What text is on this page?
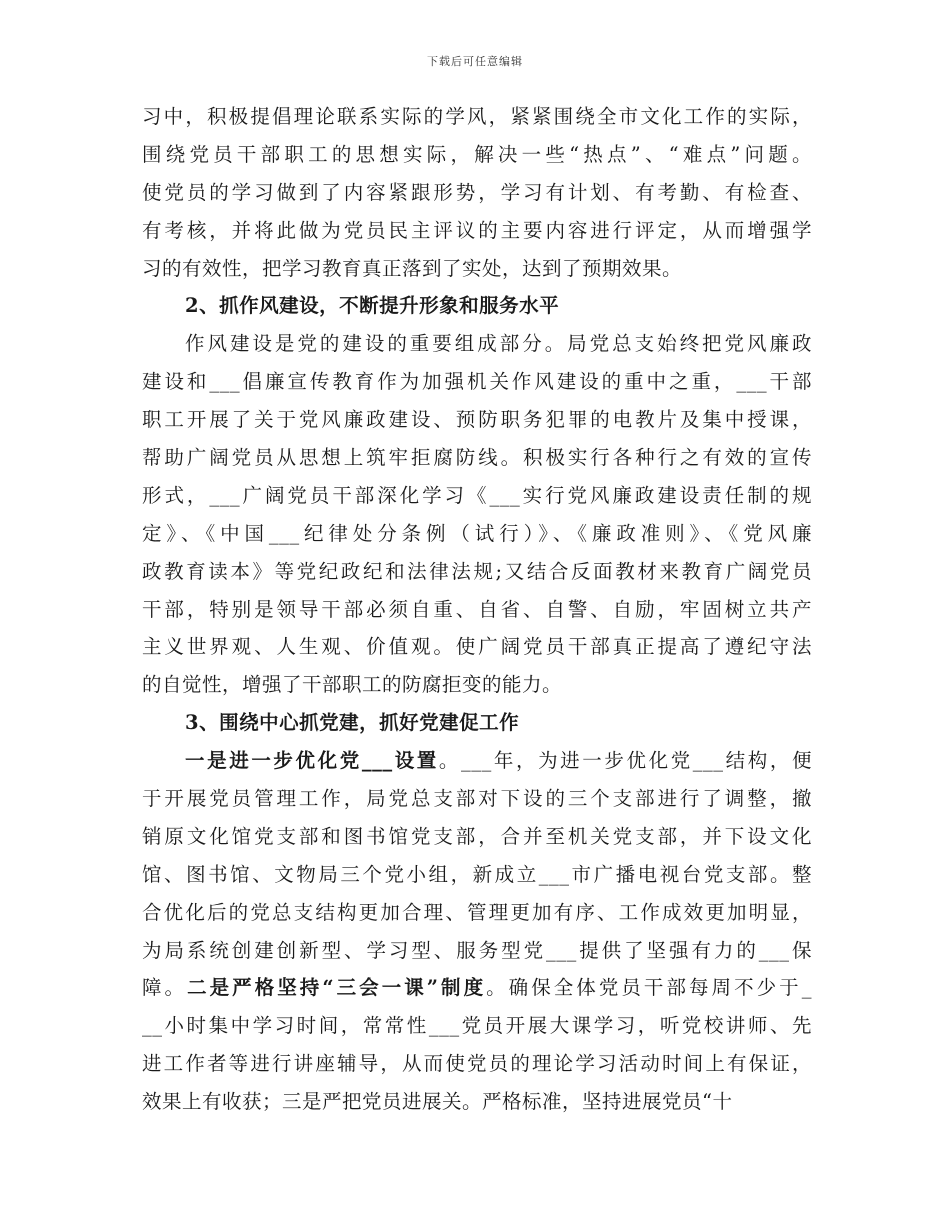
下载后可任意编辑
习中，积极提倡理论联系实际的学风，紧紧围绕全市文化工作的实际，
围绕党员干部职工的思想实际，解决一些“热点”、“难点”问题。
使党员的学习做到了内容紧跟形势，学习有计划、有考勤、有检查、
有考核，并将此做为党员民主评议的主要内容进行评定，从而增强学
习的有效性，把学习教育真正落到了实处，达到了预期效果。
2、抓作风建设，不断提升形象和服务水平
作风建设是党的建设的重要组成部分。局党总支始终把党风廉政
建设和___倡廉宣传教育作为加强机关作风建设的重中之重，___干部
职工开展了关于党风廉政建设、预防职务犯罪的电教片及集中授课，
帮助广阔党员从思想上筑牢拒腐防线。积极实行各种行之有效的宣传
形式，___广阔党员干部深化学习《___实行党风廉政建设责任制的规
定》、《中国___纪律处分条例（试行）》、《廉政准则》、《党风廉
政教育读本》等党纪政纪和法律法规;又结合反面教材来教育广阔党员
干部，特别是领导干部必须自重、自省、自警、自励，牢固树立共产
主义世界观、人生观、价值观。使广阔党员干部真正提高了遵纪守法
的自觉性，增强了干部职工的防腐拒变的能力。
3、围绕中心抓党建，抓好党建促工作
一是进一步优化党___设置。___年，为进一步优化党___结构，便
于开展党员管理工作，局党总支部对下设的三个支部进行了调整，撤
销原文化馆党支部和图书馆党支部，合并至机关党支部，并下设文化
馆、图书馆、文物局三个党小组，新成立___市广播电视台党支部。整
合优化后的党总支结构更加合理、管理更加有序、工作成效更加明显，
为局系统创建创新型、学习型、服务型党___提供了坚强有力的___保
障。二是严格坚持“三会一课”制度。确保全体党员干部每周不少于_
__小时集中学习时间，常常性___党员开展大课学习，听党校讲师、先
进工作者等进行讲座辅导，从而使党员的理论学习活动时间上有保证，
效果上有收获；三是严把党员进展关。严格标准，坚持进展党员“十
